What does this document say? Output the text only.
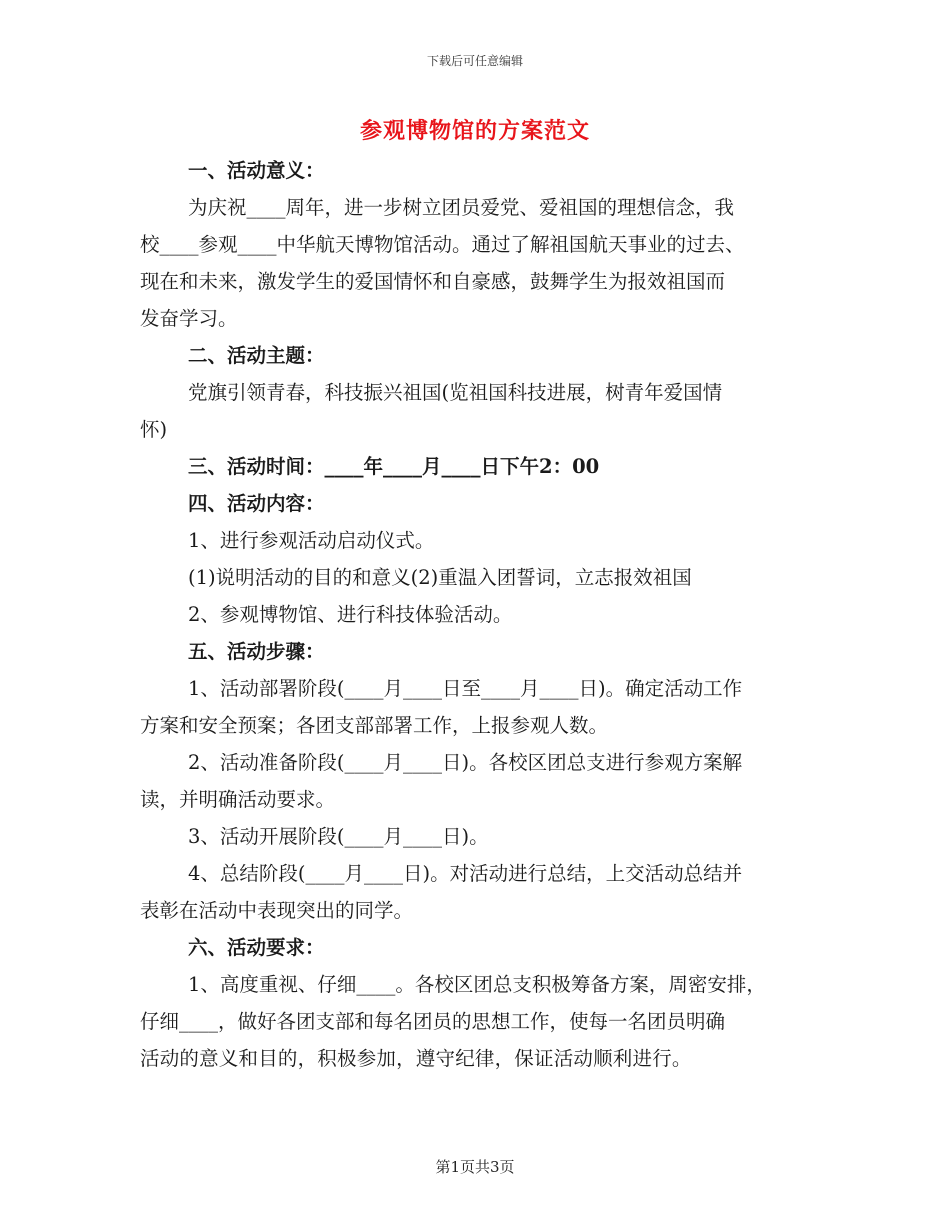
下载后可任意编辑
参观博物馆的方案范文
一、活动意义：
为庆祝____周年，进一步树立团员爱党、爱祖国的理想信念，我
校____参观____中华航天博物馆活动。通过了解祖国航天事业的过去、
现在和未来，激发学生的爱国情怀和自豪感，鼓舞学生为报效祖国而
发奋学习。
二、活动主题：
党旗引领青春，科技振兴祖国(览祖国科技进展，树青年爱国情
怀)
三、活动时间：____年____月____日下午2：00
四、活动内容：
1、进行参观活动启动仪式。
(1)说明活动的目的和意义(2)重温入团誓词，立志报效祖国
2、参观博物馆、进行科技体验活动。
五、活动步骤：
1、活动部署阶段(____月____日至____月____日)。确定活动工作
方案和安全预案；各团支部部署工作，上报参观人数。
2、活动准备阶段(____月____日)。各校区团总支进行参观方案解
读，并明确活动要求。
3、活动开展阶段(____月____日)。
4、总结阶段(____月____日)。对活动进行总结，上交活动总结并
表彰在活动中表现突出的同学。
六、活动要求：
1、高度重视、仔细____。各校区团总支积极筹备方案，周密安排，
仔细____，做好各团支部和每名团员的思想工作，使每一名团员明确
活动的意义和目的，积极参加，遵守纪律，保证活动顺利进行。
第1页共3页
